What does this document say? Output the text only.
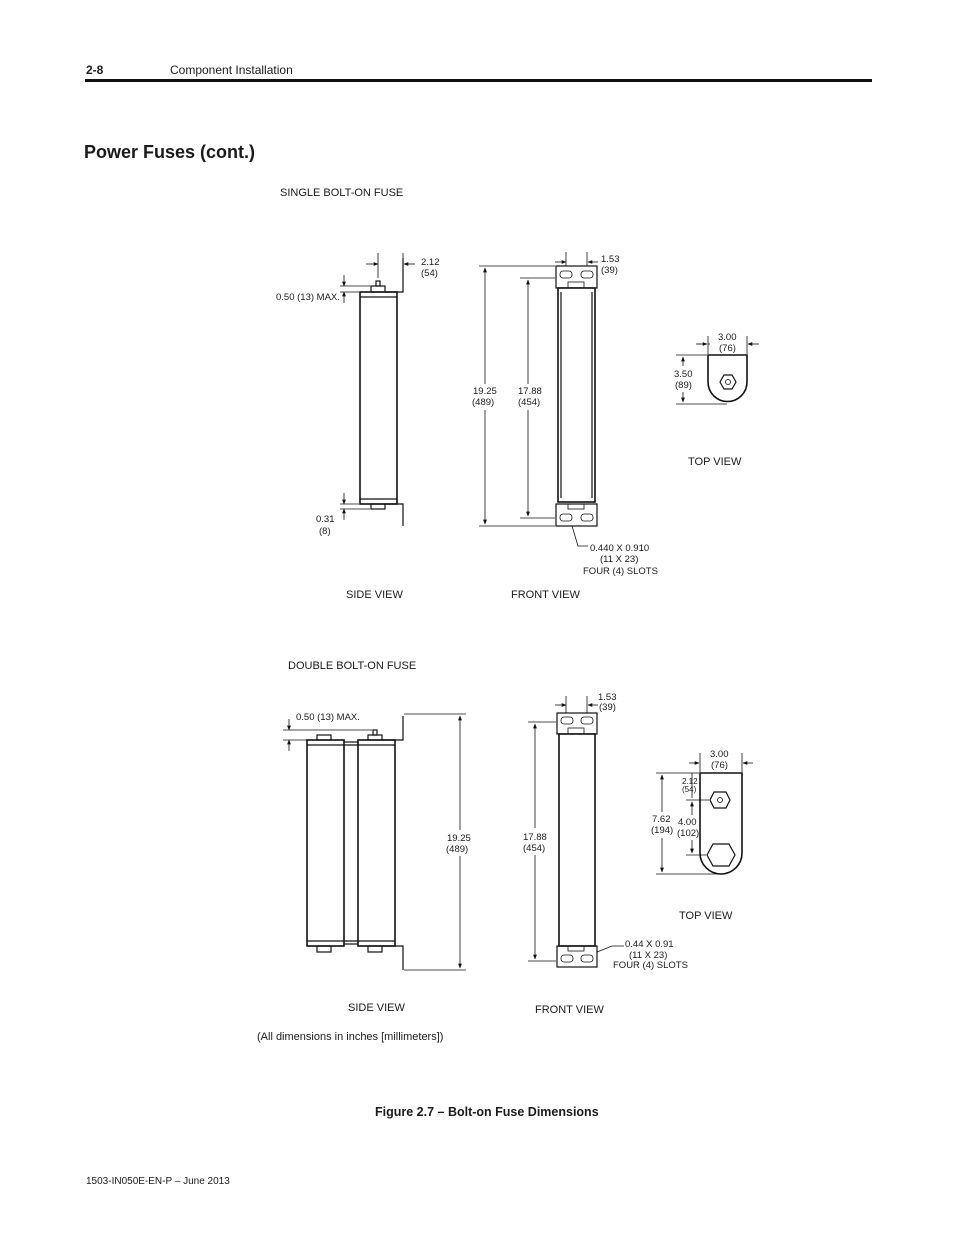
2-8	Component Installation
Power Fuses (cont.)
SINGLE BOLT-ON FUSE
2.12
(54)
0.50 (13) MAX.
0.31
(8)
SIDE VIEW
19.25
(489)
17.88
(454)
1.53
(39)
0.440 X 0.910
(11 X 23)
FOUR (4) SLOTS
FRONT VIEW
3.00
(76)
3.50
(89)
TOP VIEW
DOUBLE BOLT-ON FUSE
0.50 (13) MAX.
19.25
(489)
SIDE VIEW
1.53
(39)
17.88
(454)
0.44 X 0.91
(11 X 23)
FOUR (4) SLOTS
FRONT VIEW
3.00
(76)
2.12
(54)
7.62
(194)
4.00
(102)
TOP VIEW
(All dimensions in inches [millimeters])
Figure 2.7 – Bolt-on Fuse Dimensions
1503-IN050E-EN-P – June 2013
